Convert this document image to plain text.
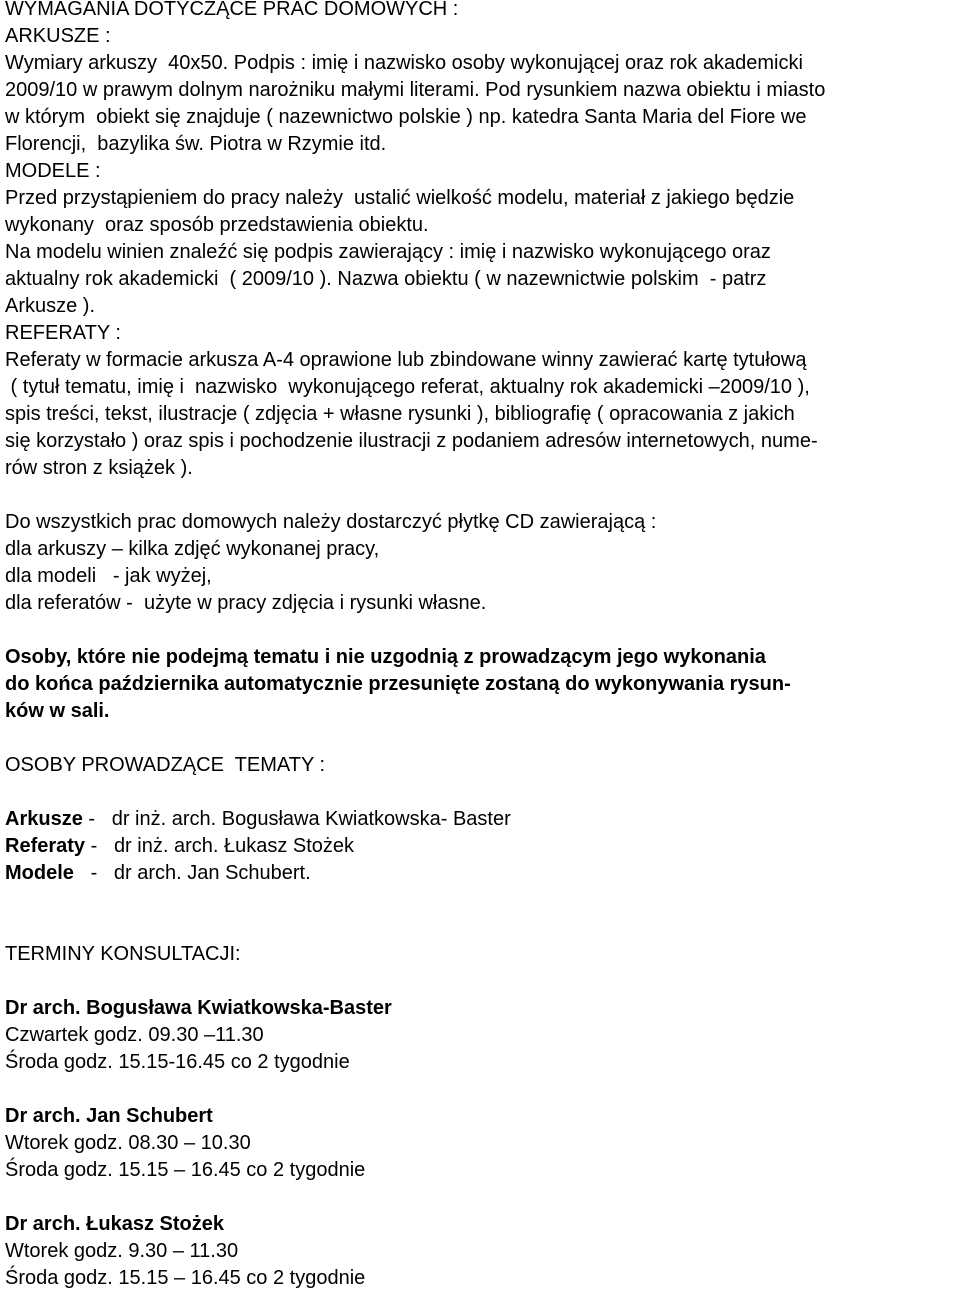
WYMAGANIA DOTYCZĄCE PRAC DOMOWYCH :
ARKUSZE :
Wymiary arkuszy  40x50. Podpis : imię i nazwisko osoby wykonującej oraz rok akademicki
2009/10 w prawym dolnym narożniku małymi literami. Pod rysunkiem nazwa obiektu i miasto
w którym  obiekt się znajduje ( nazewnictwo polskie ) np. katedra Santa Maria del Fiore we
Florencji,  bazylika św. Piotra w Rzymie itd.
MODELE :
Przed przystąpieniem do pracy należy  ustalić wielkość modelu, materiał z jakiego będzie
wykonany  oraz sposób przedstawienia obiektu.
Na modelu winien znaleźć się podpis zawierający : imię i nazwisko wykonującego oraz
aktualny rok akademicki  ( 2009/10 ). Nazwa obiektu ( w nazewnictwie polskim  - patrz
Arkusze ).
REFERATY :
Referaty w formacie arkusza A-4 oprawione lub zbindowane winny zawierać kartę tytułową
( tytuł tematu, imię i  nazwisko  wykonującego referat, aktualny rok akademicki –2009/10 ),
spis treści, tekst, ilustracje ( zdjęcia + własne rysunki ), bibliografię ( opracowania z jakich
się korzystało ) oraz spis i pochodzenie ilustracji z podaniem adresów internetowych, nume-
rów stron z książek ).
Do wszystkich prac domowych należy dostarczyć płytkę CD zawierającą :
dla arkuszy – kilka zdjęć wykonanej pracy,
dla modeli   - jak wyżej,
dla referatów -  użyte w pracy zdjęcia i rysunki własne.
Osoby, które nie podejmą tematu i nie uzgodnią z prowadzącym jego wykonania
do końca października automatycznie przesunięte zostaną do wykonywania rysun-
ków w sali.
OSOBY PROWADZĄCE  TEMATY :
Arkusze -   dr inż. arch. Bogusława Kwiatkowska- Baster
Referaty -   dr inż. arch. Łukasz Stożek
Modele   -   dr arch. Jan Schubert.
TERMINY KONSULTACJI:
Dr arch. Bogusława Kwiatkowska-Baster
Czwartek godz. 09.30 –11.30
Środa godz. 15.15-16.45 co 2 tygodnie
Dr arch. Jan Schubert
Wtorek godz. 08.30 – 10.30
Środa godz. 15.15 – 16.45 co 2 tygodnie
Dr arch. Łukasz Stożek
Wtorek godz. 9.30 – 11.30
Środa godz. 15.15 – 16.45 co 2 tygodnie
